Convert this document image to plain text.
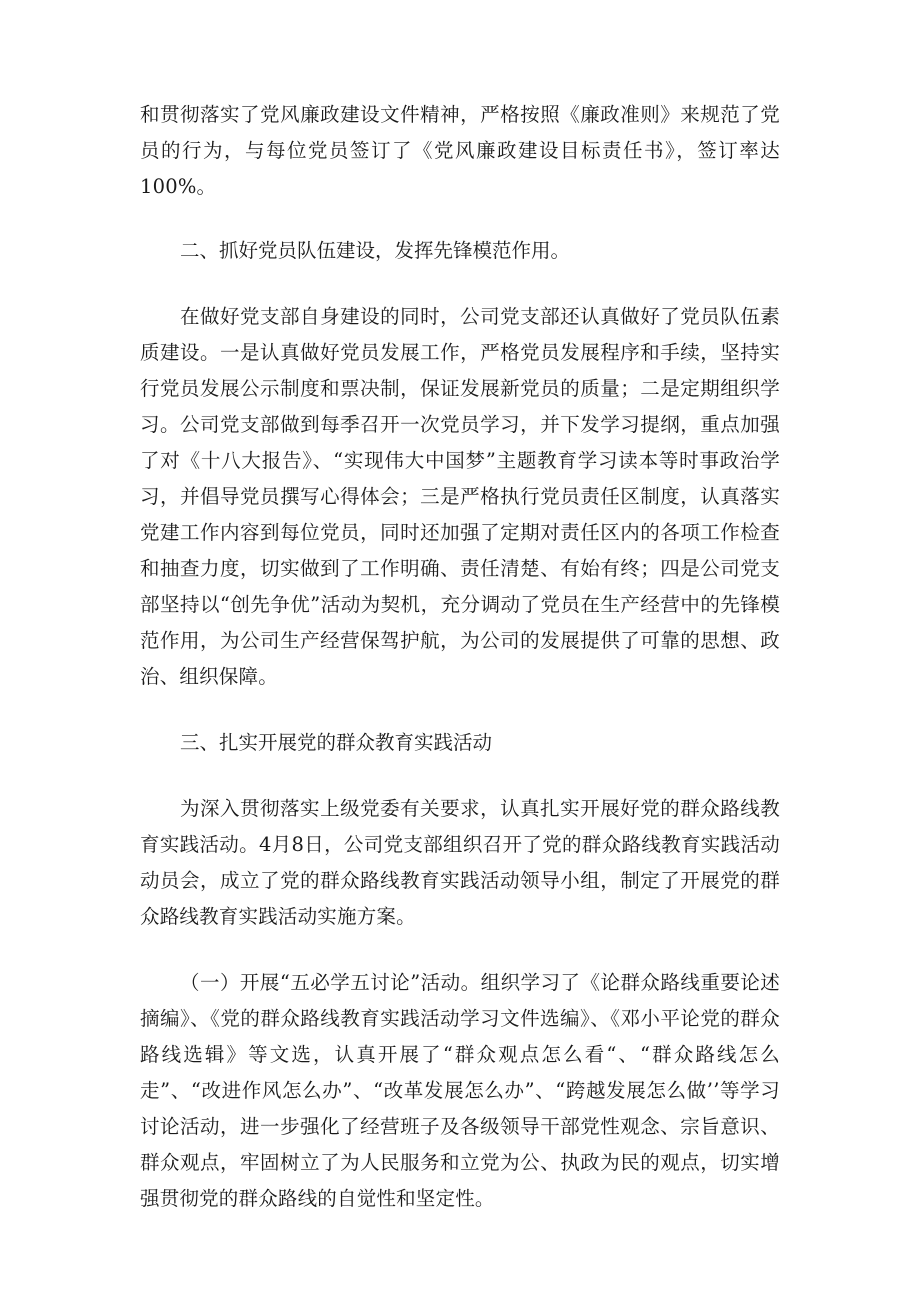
和贯彻落实了党风廉政建设文件精神，严格按照《廉政准则》来规范了党员的行为，与每位党员签订了《党风廉政建设目标责任书》，签订率达100%。

二、抓好党员队伍建设，发挥先锋模范作用。

在做好党支部自身建设的同时，公司党支部还认真做好了党员队伍素质建设。一是认真做好党员发展工作，严格党员发展程序和手续，坚持实行党员发展公示制度和票决制，保证发展新党员的质量；二是定期组织学习。公司党支部做到每季召开一次党员学习，并下发学习提纲，重点加强了对《十八大报告》、“实现伟大中国梦”主题教育学习读本等时事政治学习，并倡导党员撰写心得体会；三是严格执行党员责任区制度，认真落实党建工作内容到每位党员，同时还加强了定期对责任区内的各项工作检查和抽查力度，切实做到了工作明确、责任清楚、有始有终；四是公司党支部坚持以“创先争优”活动为契机，充分调动了党员在生产经营中的先锋模范作用，为公司生产经营保驾护航，为公司的发展提供了可靠的思想、政治、组织保障。

三、扎实开展党的群众教育实践活动

为深入贯彻落实上级党委有关要求，认真扎实开展好党的群众路线教育实践活动。4月8日，公司党支部组织召开了党的群众路线教育实践活动动员会，成立了党的群众路线教育实践活动领导小组，制定了开展党的群众路线教育实践活动实施方案。

（一）开展“五必学五讨论”活动。组织学习了《论群众路线重要论述摘编》、《党的群众路线教育实践活动学习文件选编》、《邓小平论党的群众路线选辑》等文选，认真开展了“群众观点怎么看“、“群众路线怎么走”、“改进作风怎么办”、“改革发展怎么办”、“跨越发展怎么做’’等学习讨论活动，进一步强化了经营班子及各级领导干部党性观念、宗旨意识、群众观点，牢固树立了为人民服务和立党为公、执政为民的观点，切实增强贯彻党的群众路线的自觉性和坚定性。
